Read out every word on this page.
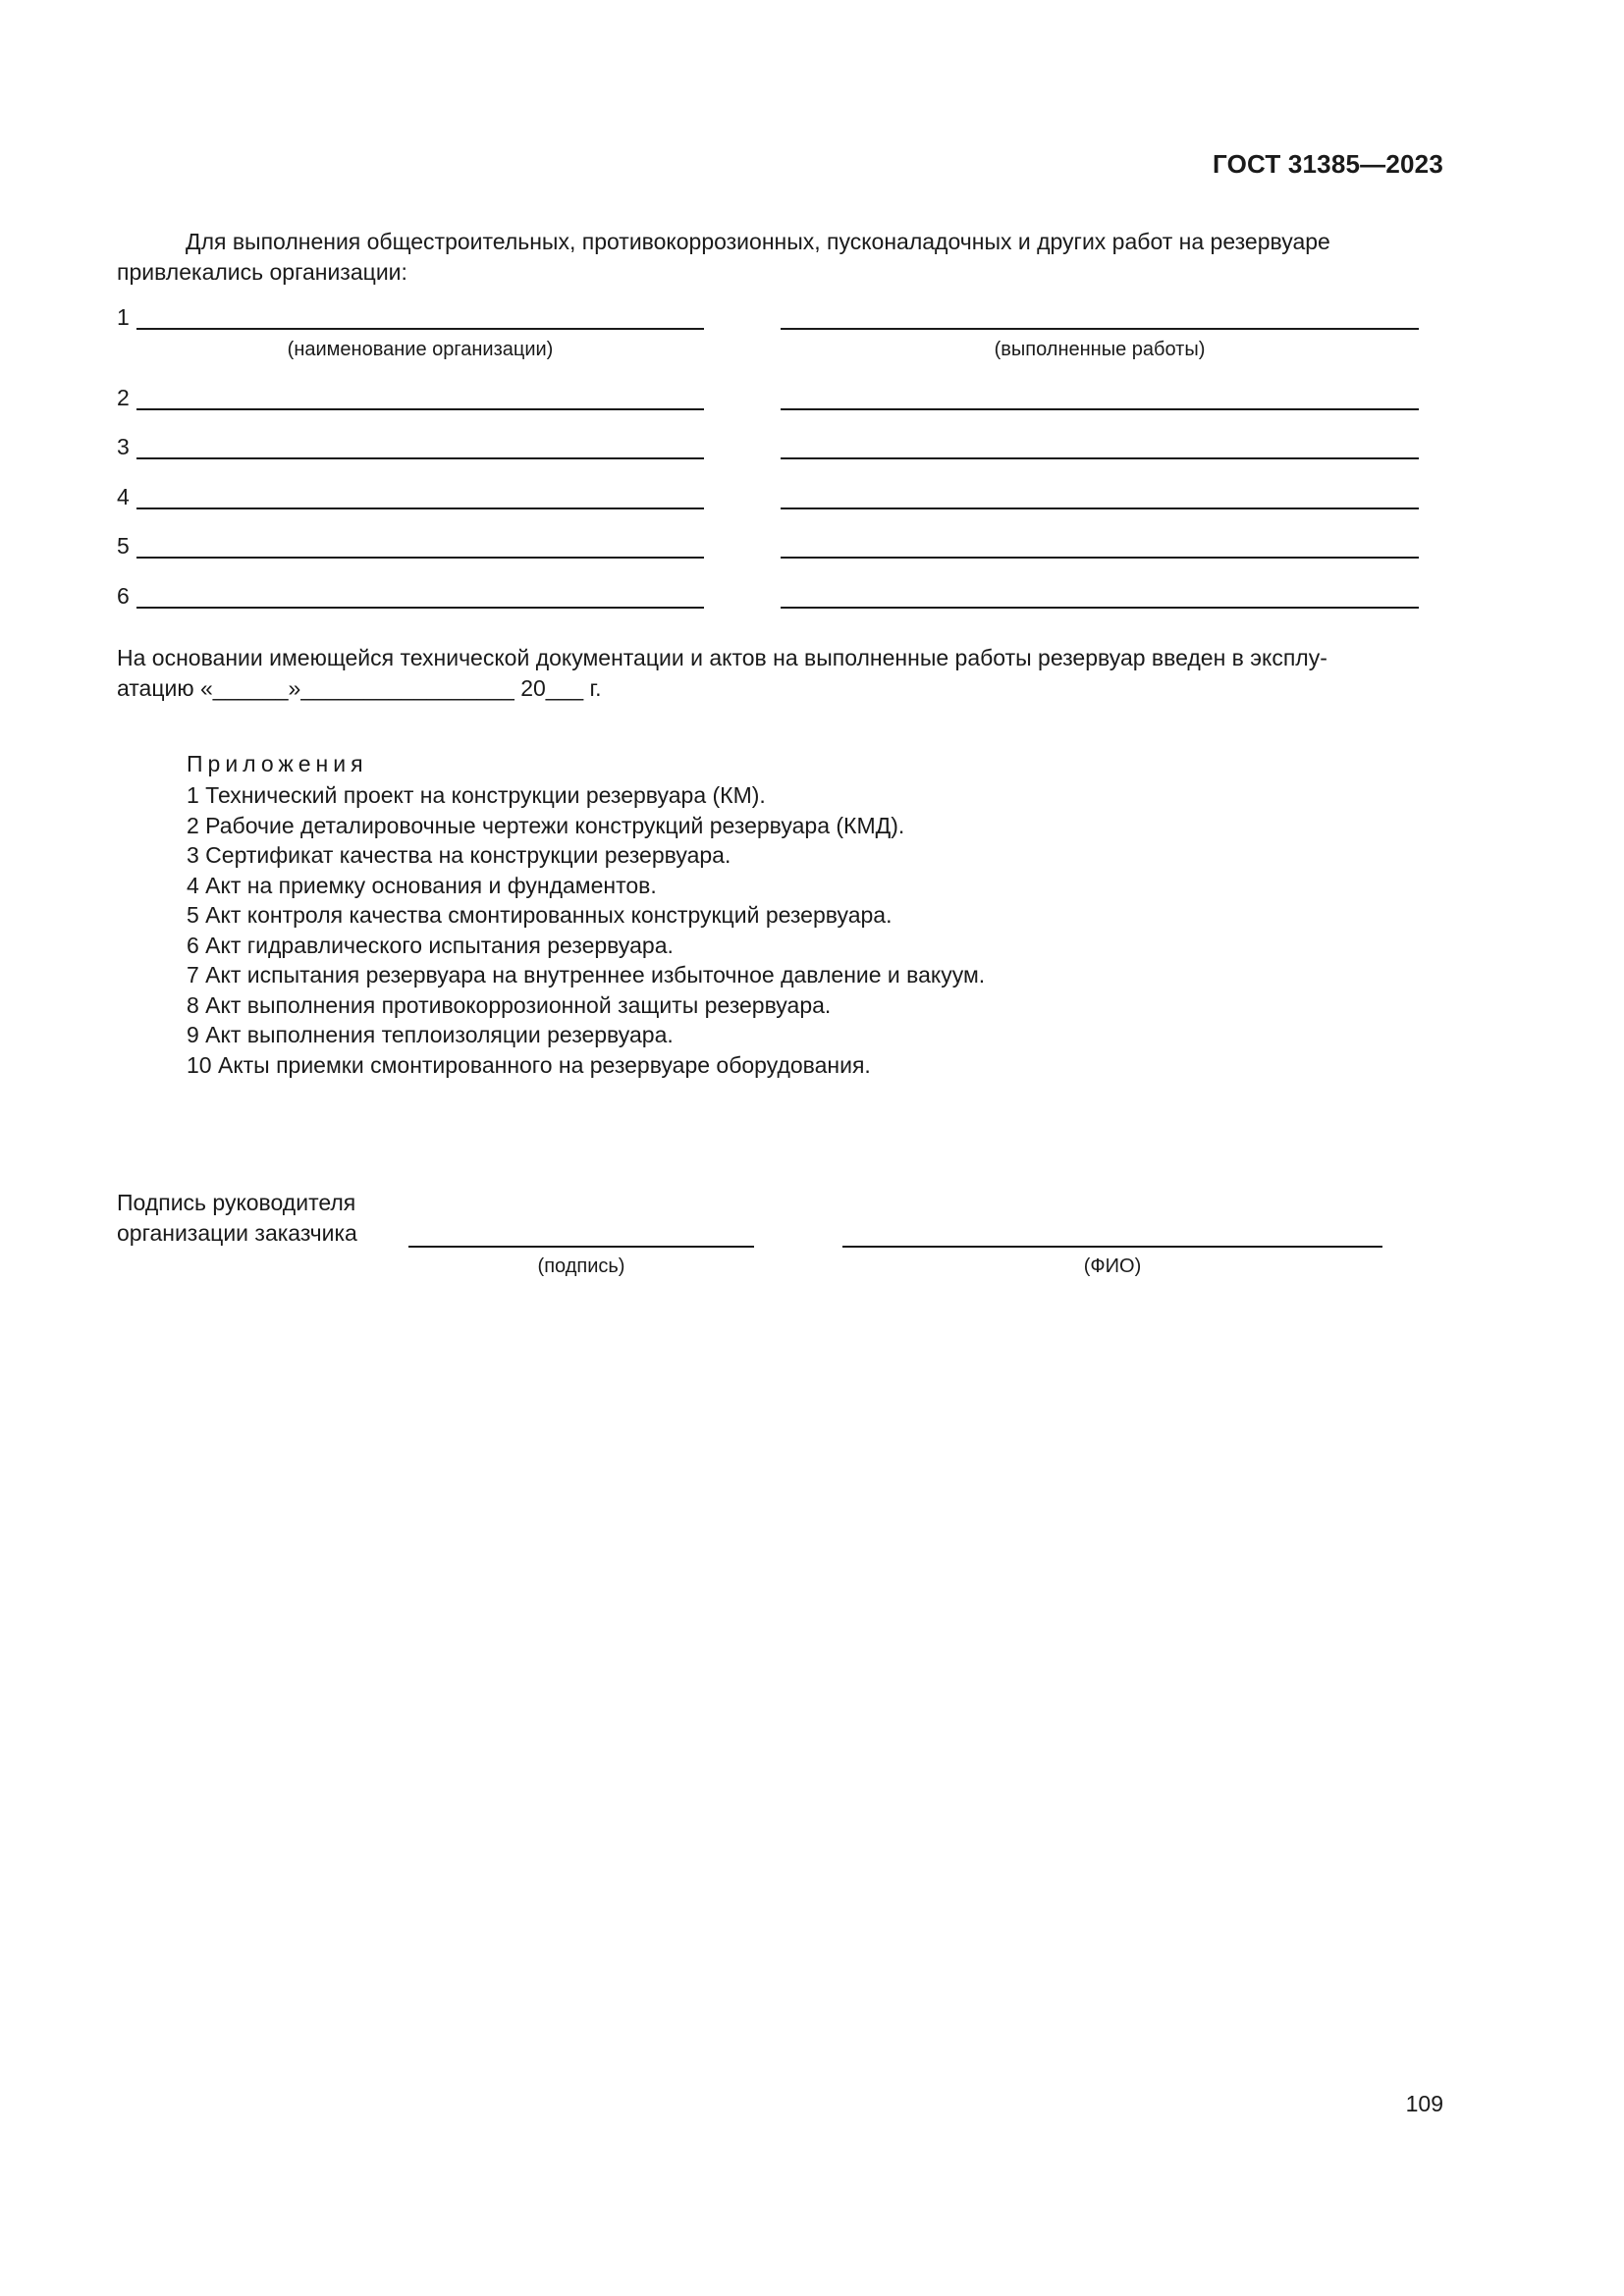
ГОСТ 31385—2023
Для выполнения общестроительных, противокоррозионных, пусконаладочных и других работ на резервуаре привлекались организации:
1
(наименование организации)	(выполненные работы)
2
3
4
5
6
На основании имеющейся технической документации и актов на выполненные работы резервуар введен в эксплу-
атацию «______»_________________ 20___ г.
Приложения
1 Технический проект на конструкции резервуара (КМ).
2 Рабочие деталировочные чертежи конструкций резервуара (КМД).
3 Сертификат качества на конструкции резервуара.
4 Акт на приемку основания и фундаментов.
5 Акт контроля качества смонтированных конструкций резервуара.
6 Акт гидравлического испытания резервуара.
7 Акт испытания резервуара на внутреннее избыточное давление и вакуум.
8 Акт выполнения противокоррозионной защиты резервуара.
9 Акт выполнения теплоизоляции резервуара.
10 Акты приемки смонтированного на резервуаре оборудования.
Подпись руководителя
организации заказчика
(подпись)	(ФИО)
109
